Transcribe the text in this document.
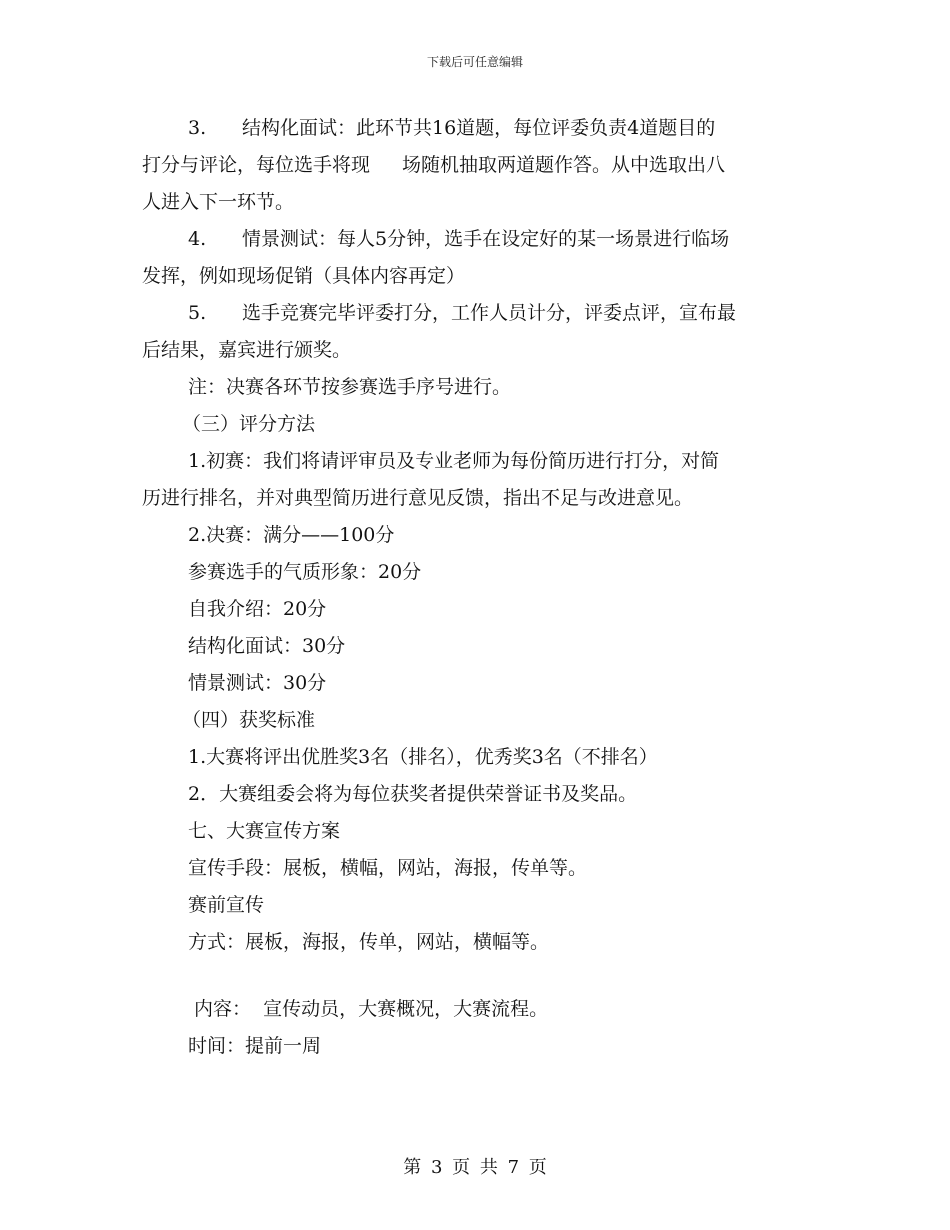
下载后可任意编辑

3. 结构化面试：此环节共16道题，每位评委负责4道题目的

打分与评论，每位选手将现 场随机抽取两道题作答。从中选取出八

人进入下一环节。

4. 情景测试：每人5分钟，选手在设定好的某一场景进行临场

发挥，例如现场促销（具体内容再定）

5. 选手竞赛完毕评委打分，工作人员计分，评委点评，宣布最

后结果，嘉宾进行颁奖。

注：决赛各环节按参赛选手序号进行。

（三）评分方法

1.初赛：我们将请评审员及专业老师为每份简历进行打分，对简

历进行排名，并对典型简历进行意见反馈，指出不足与改进意见。

2.决赛：满分——100分

参赛选手的气质形象：20分

自我介绍：20分

结构化面试：30分

情景测试：30分

（四）获奖标准

1.大赛将评出优胜奖3名（排名），优秀奖3名（不排名）

2．大赛组委会将为每位获奖者提供荣誉证书及奖品。

七、大赛宣传方案

宣传手段：展板，横幅，网站，海报，传单等。

赛前宣传

方式：展板，海报，传单，网站，横幅等。

内容：  宣传动员，大赛概况，大赛流程。

时间：提前一周

第 3 页 共 7 页
